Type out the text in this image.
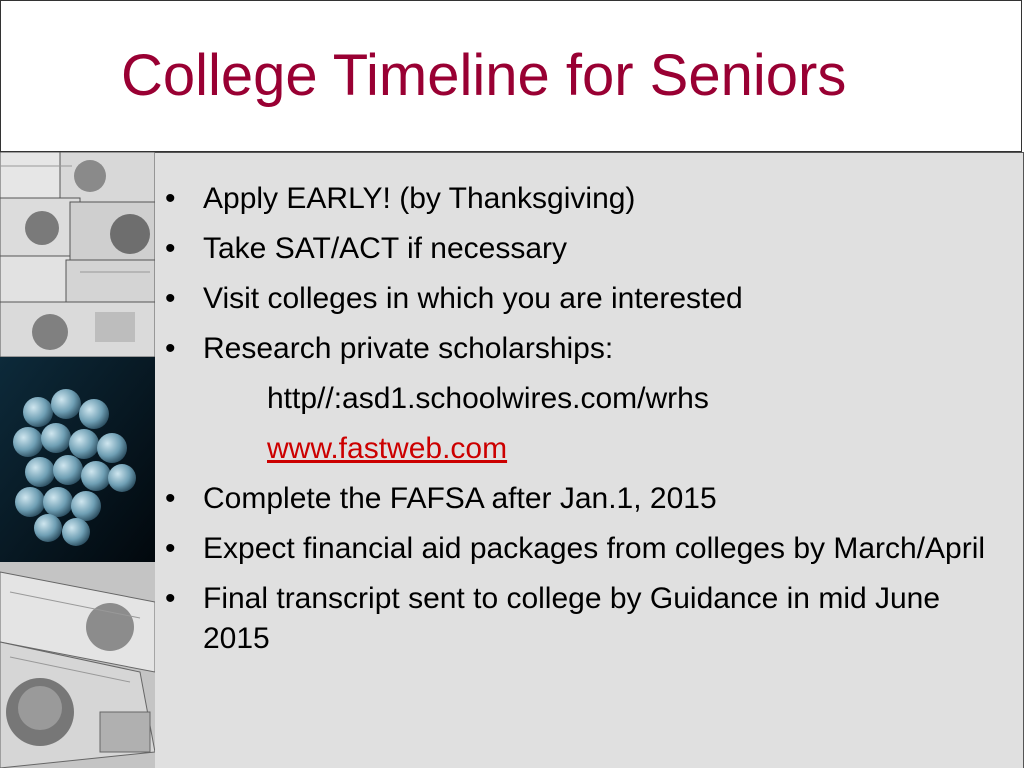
College Timeline for Seniors
• Apply EARLY! (by Thanksgiving)
• Take SAT/ACT if necessary
• Visit colleges in which you are interested
• Research private scholarships:
http//:asd1.schoolwires.com/wrhs
www.fastweb.com
• Complete the FAFSA after Jan.1, 2015
• Expect financial aid packages from colleges by March/April
• Final transcript sent to college by Guidance in mid June 2015
